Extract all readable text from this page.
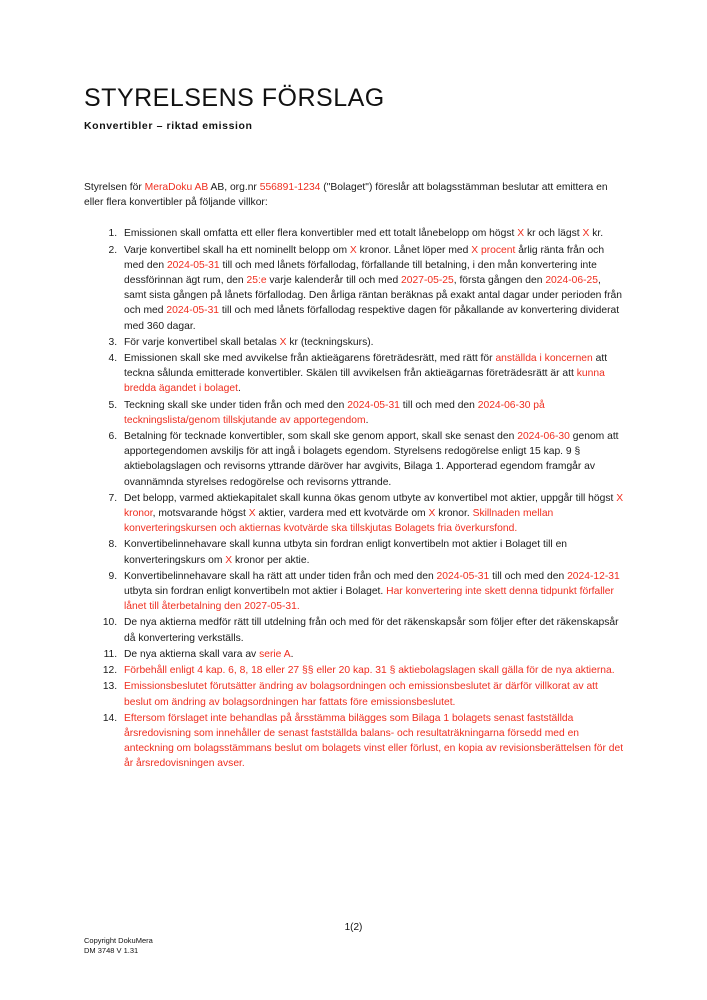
STYRELSENS FÖRSLAG
Konvertibler – riktad emission

Styrelsen för MeraDoku AB AB, org.nr 556891-1234 ("Bolaget") föreslår att bolagsstämman beslutar att emittera en eller flera konvertibler på följande villkor:

1. Emissionen skall omfatta ett eller flera konvertibler med ett totalt lånebelopp om högst X kr och lägst X kr.
2. Varje konvertibel skall ha ett nominellt belopp om X kronor. Lånet löper med X procent årlig ränta från och med den 2024-05-31 till och med lånets förfallodag, förfallande till betalning, i den mån konvertering inte dessförinnan ägt rum, den 25:e varje kalenderår till och med 2027-05-25, första gången den 2024-06-25, samt sista gången på lånets förfallodag. Den årliga räntan beräknas på exakt antal dagar under perioden från och med 2024-05-31 till och med lånets förfallodag respektive dagen för påkallande av konvertering dividerat med 360 dagar.
3. För varje konvertibel skall betalas X kr (teckningskurs).
4. Emissionen skall ske med avvikelse från aktieägarens företrädesrätt, med rätt för anställda i koncernen att teckna sålunda emitterade konvertibler. Skälen till avvikelsen från aktieägarnas företrädesrätt är att kunna bredda ägandet i bolaget.
5. Teckning skall ske under tiden från och med den 2024-05-31 till och med den 2024-06-30 på teckningslista/genom tillskjutande av apportegendom.
6. Betalning för tecknade konvertibler, som skall ske genom apport, skall ske senast den 2024-06-30 genom att apportegendomen avskiljs för att ingå i bolagets egendom. Styrelsens redogörelse enligt 15 kap. 9 § aktiebolagslagen och revisorns yttrande däröver har avgivits, Bilaga 1. Apporterad egendom framgår av ovannämnda styrelses redogörelse och revisorns yttrande.
7. Det belopp, varmed aktiekapitalet skall kunna ökas genom utbyte av konvertibel mot aktier, uppgår till högst X kronor, motsvarande högst X aktier, vardera med ett kvotvärde om X kronor. Skillnaden mellan konverteringskursen och aktiernas kvotvärde ska tillskjutas Bolagets fria överkursfond.
8. Konvertibelinnehavare skall kunna utbyta sin fordran enligt konvertibeln mot aktier i Bolaget till en konverteringskurs om X kronor per aktie.
9. Konvertibelinnehavare skall ha rätt att under tiden från och med den 2024-05-31 till och med den 2024-12-31 utbyta sin fordran enligt konvertibeln mot aktier i Bolaget. Har konvertering inte skett denna tidpunkt förfaller lånet till återbetalning den 2027-05-31.
10. De nya aktierna medför rätt till utdelning från och med för det räkenskapsår som följer efter det räkenskapsår då konvertering verkställs.
11. De nya aktierna skall vara av serie A.
12. Förbehåll enligt 4 kap. 6, 8, 18 eller 27 §§ eller 20 kap. 31 § aktiebolagslagen skall gälla för de nya aktierna.
13. Emissionsbeslutet förutsätter ändring av bolagsordningen och emissionsbeslutet är därför villkorat av att beslut om ändring av bolagsordningen har fattats före emissionsbeslutet.
14. Eftersom förslaget inte behandlas på årsstämma bilägges som Bilaga 1 bolagets senast fastställda årsredovisning som innehåller de senast fastställda balans- och resultaträkningarna försedd med en anteckning om bolagsstämmans beslut om bolagets vinst eller förlust, en kopia av revisionsberättelsen för det år årsredovisningen avser.
1(2)
Copyright DokuMera
DM 3748 V 1.31
